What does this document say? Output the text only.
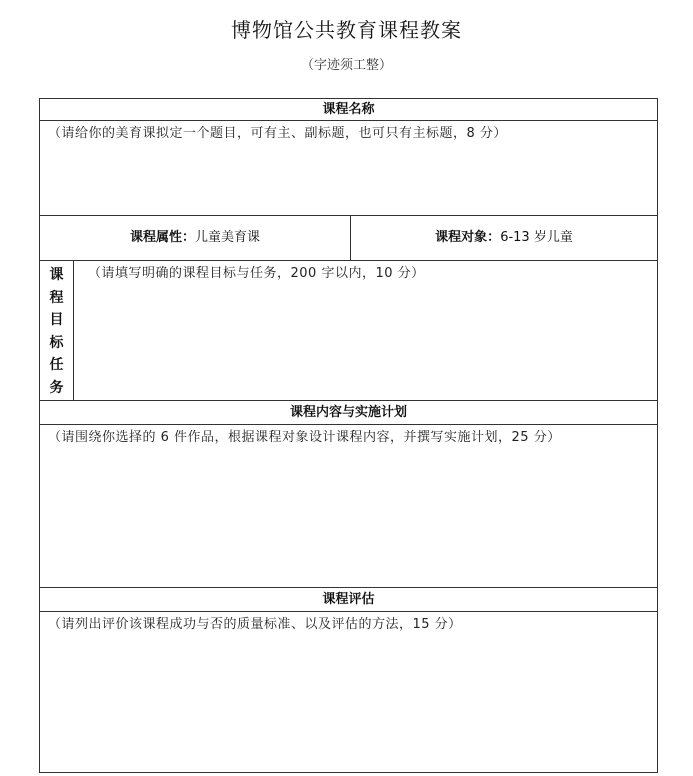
博物馆公共教育课程教案
（字迹须工整）
课程名称
（请给你的美育课拟定一个题目，可有主、副标题，也可只有主标题，8 分）
课程属性：儿童美育课	课程对象：6-13 岁儿童
课
程
目
标
任
务
（请填写明确的课程目标与任务，200 字以内，10 分）
课程内容与实施计划
（请围绕你选择的 6 件作品，根据课程对象设计课程内容，并撰写实施计划，25 分）
课程评估
（请列出评价该课程成功与否的质量标准、以及评估的方法，15 分）
